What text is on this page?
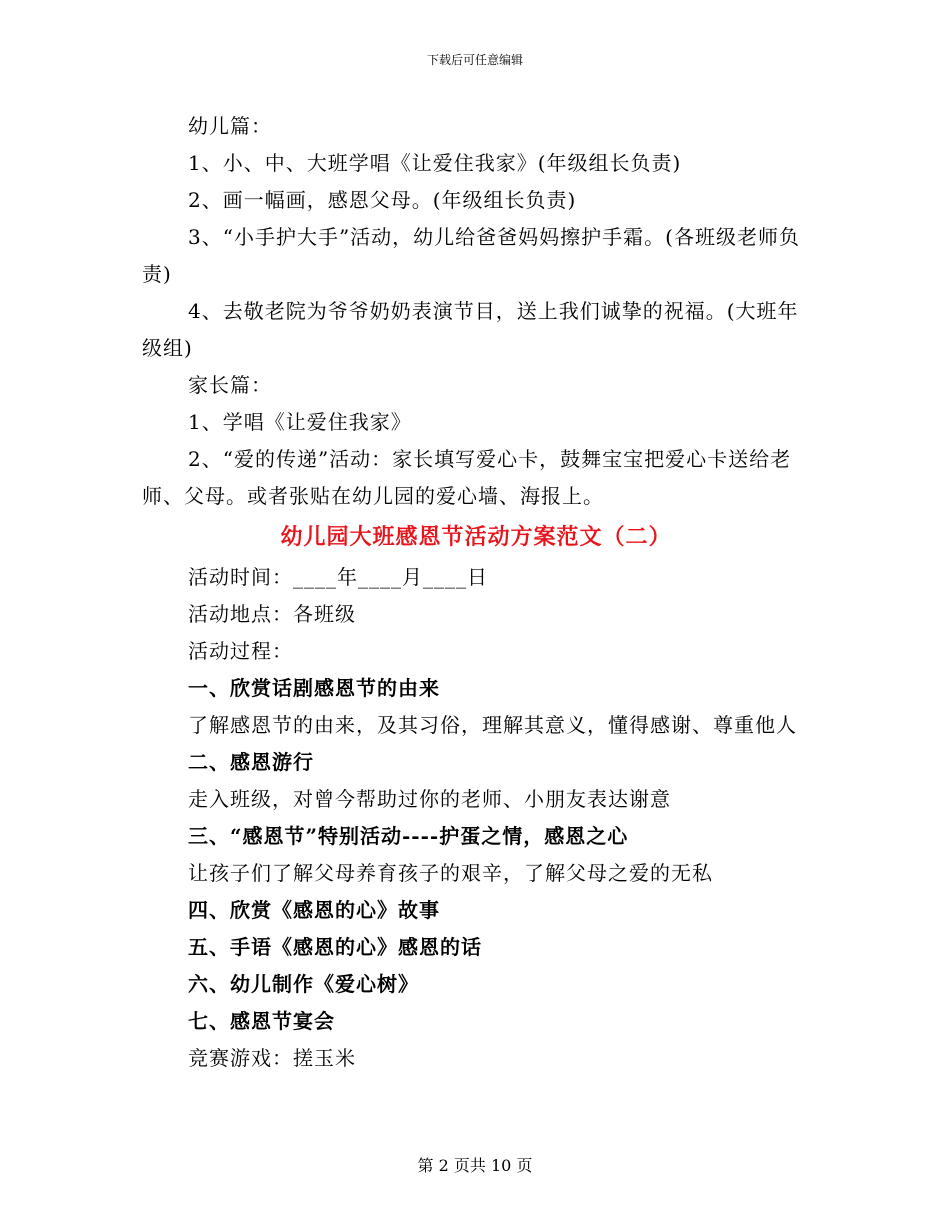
下载后可任意编辑

幼儿篇：

1、小、中、大班学唱《让爱住我家》(年级组长负责)

2、画一幅画，感恩父母。(年级组长负责)

3、“小手护大手”活动，幼儿给爸爸妈妈擦护手霜。(各班级老师负责)

4、去敬老院为爷爷奶奶表演节目，送上我们诚挚的祝福。(大班年级组)

家长篇：

1、学唱《让爱住我家》

2、“爱的传递”活动：家长填写爱心卡，鼓舞宝宝把爱心卡送给老师、父母。或者张贴在幼儿园的爱心墙、海报上。

幼儿园大班感恩节活动方案范文（二）

活动时间：____年____月____日

活动地点：各班级

活动过程：

一、欣赏话剧感恩节的由来

了解感恩节的由来，及其习俗，理解其意义，懂得感谢、尊重他人

二、感恩游行

走入班级，对曾今帮助过你的老师、小朋友表达谢意

三、“感恩节”特别活动----护蛋之情，感恩之心

让孩子们了解父母养育孩子的艰辛，了解父母之爱的无私

四、欣赏《感恩的心》故事

五、手语《感恩的心》感恩的话

六、幼儿制作《爱心树》

七、感恩节宴会

竞赛游戏：搓玉米

第 2 页共 10 页
